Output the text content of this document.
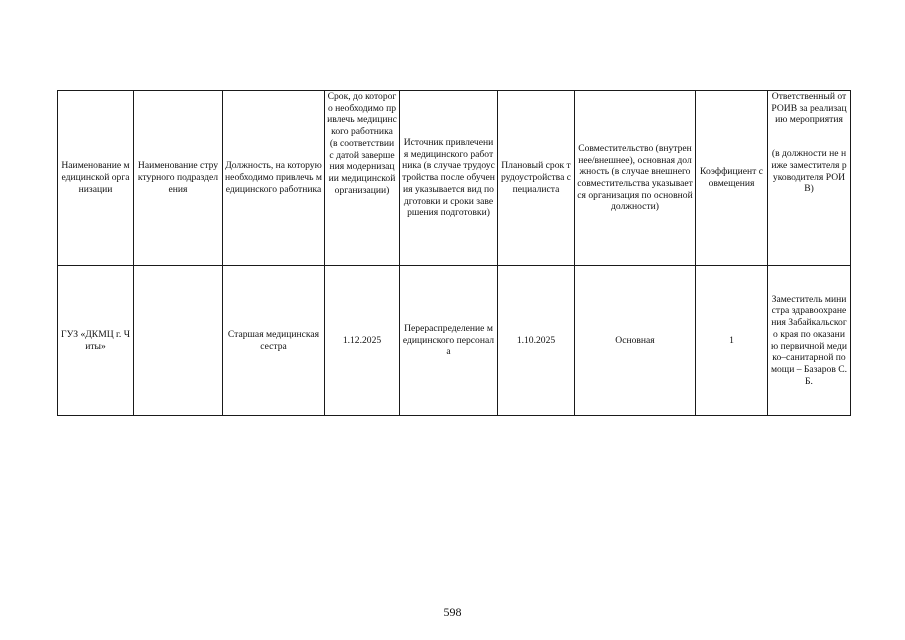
Наименование медицинской организации	Наименование структурного подразделения	Должность, на которую необходимо привлечь медицинского работника	Срок, до которого необходимо привлечь медицинского работника (в соответствии с датой завершения модернизации медицинской организации)	Источник привлечения медицинского работника (в случае трудоустройства после обучения указывается вид подготовки и сроки завершения подготовки)	Плановый срок трудоустройства специалиста	Совместительство (внутреннее/внешнее), основная должность (в случае внешнего совместительства указывается организация по основной должности)	Коэффициент совмещения	Ответственный от РОИВ за реализацию мероприятия
(в должности не ниже заместителя руководителя РОИВ)
ГУЗ «ДКМЦ г. Читы»		Старшая медицинская сестра	1.12.2025	Перераспределение медицинского персонала	1.10.2025	Основная	1	Заместитель министра здравоохранения Забайкальского края по оказанию первичной медико–санитарной помощи – Базаров С.Б.
598
